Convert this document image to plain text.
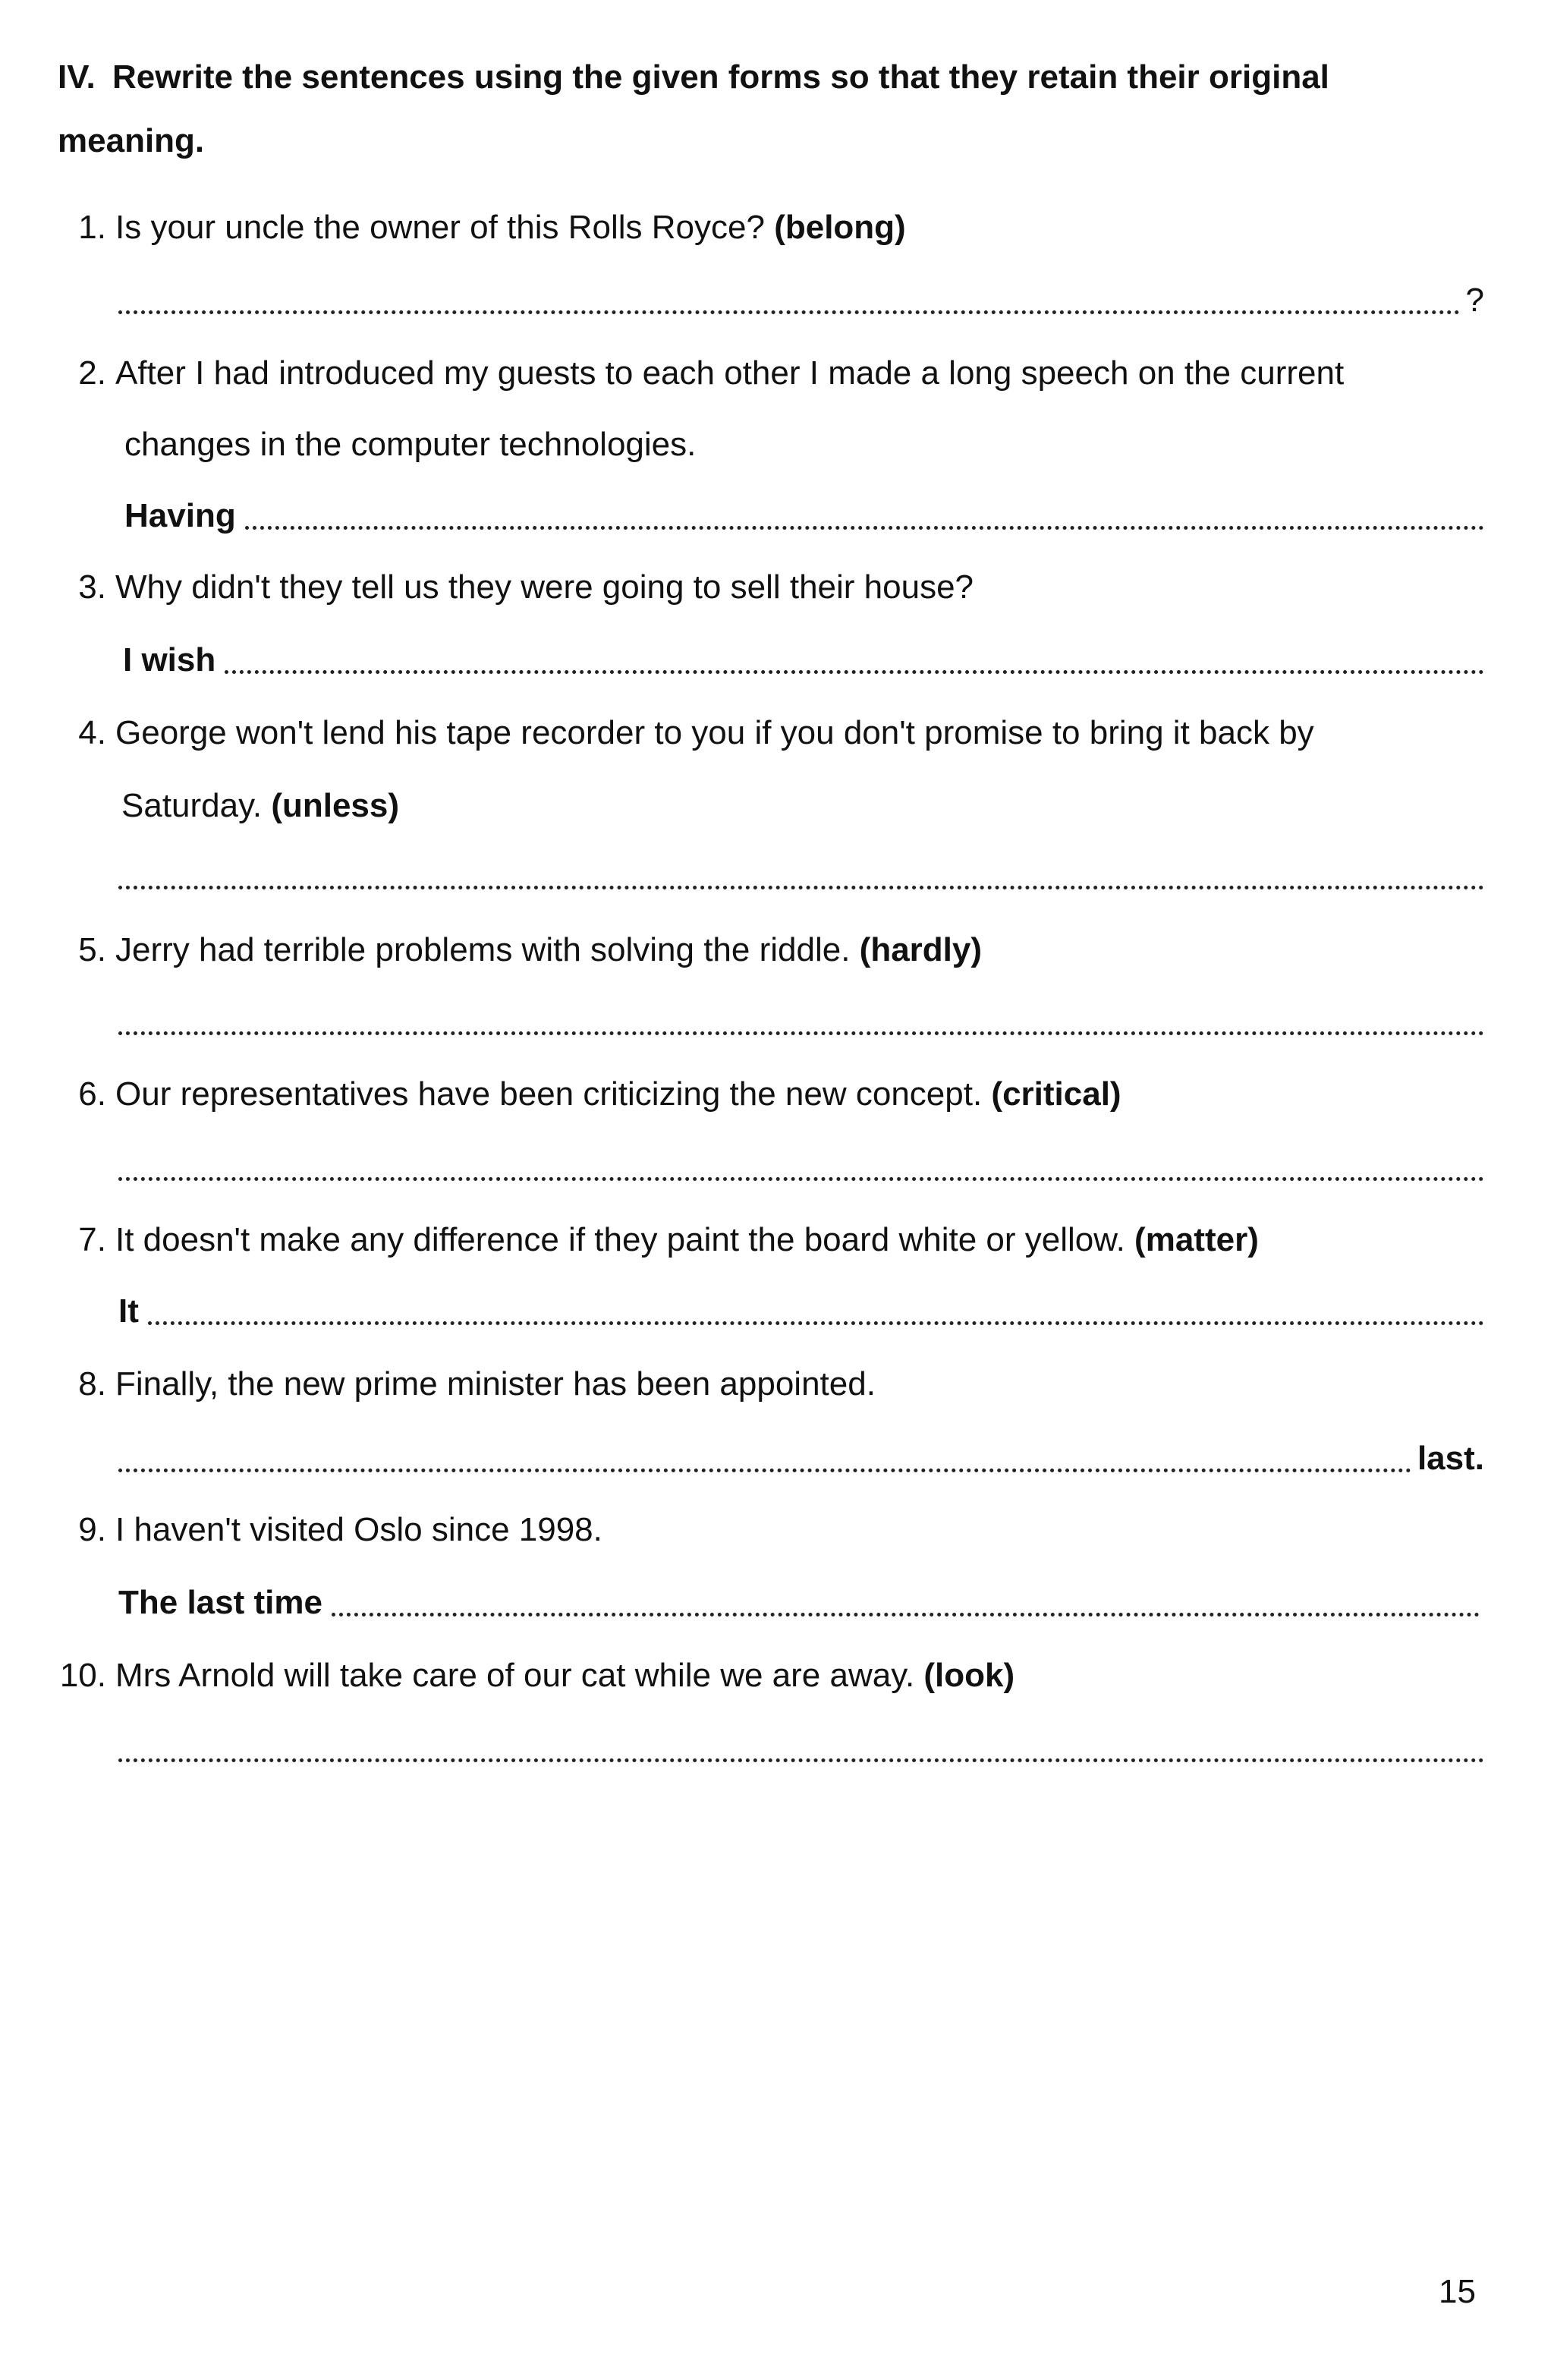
IV. Rewrite the sentences using the given forms so that they retain their original meaning.
1. Is your uncle the owner of this Rolls Royce? (belong)
?
2. After I had introduced my guests to each other I made a long speech on the current
changes in the computer technologies.
Having
3. Why didn't they tell us they were going to sell their house?
I wish
4. George won't lend his tape recorder to you if you don't promise to bring it back by
Saturday. (unless)
5. Jerry had terrible problems with solving the riddle. (hardly)
6. Our representatives have been criticizing the new concept. (critical)
7. It doesn't make any difference if they paint the board white or yellow. (matter)
It
8. Finally, the new prime minister has been appointed.
last.
9. I haven't visited Oslo since 1998.
The last time
10. Mrs Arnold will take care of our cat while we are away. (look)
15
